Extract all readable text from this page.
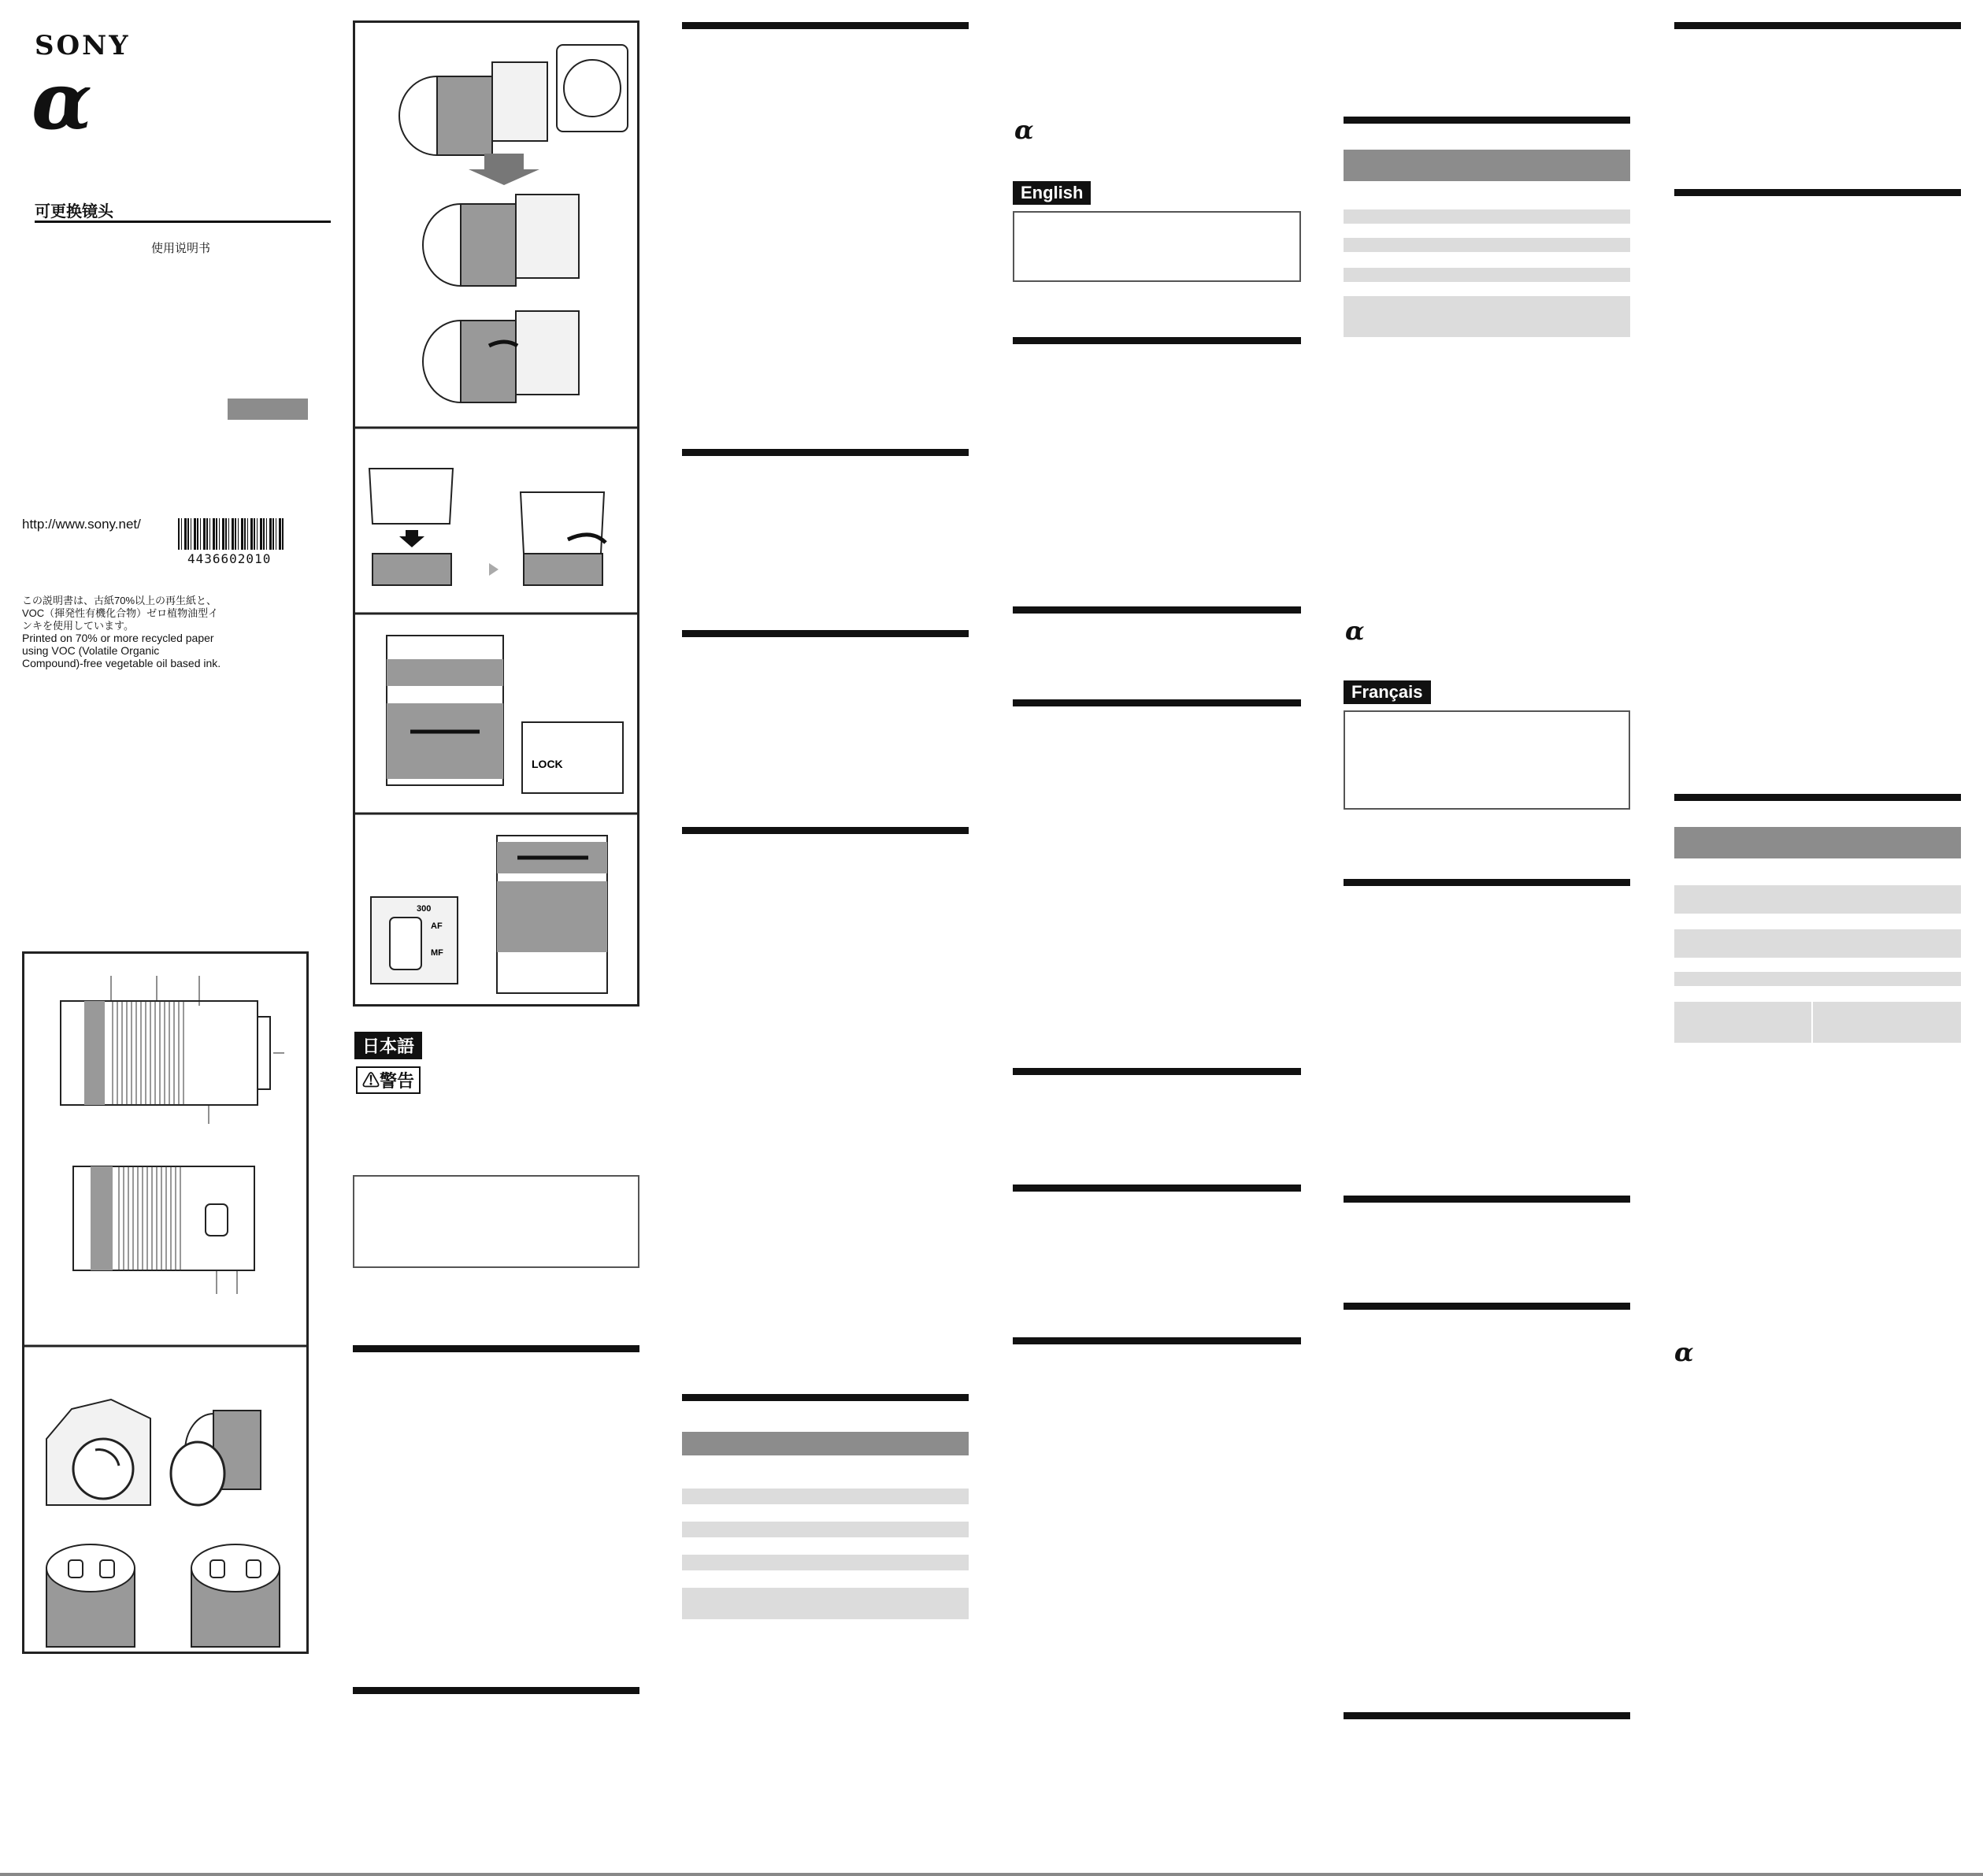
SONY
α
可更换镜头
使用说明书
http://www.sony.net/
4436602010
この説明書は、古紙70%以上の再生紙と、
VOC（揮発性有機化合物）ゼロ植物油型イ
ンキを使用しています。
Printed on 70% or more recycled paper
using VOC (Volatile Organic
Compound)-free vegetable oil based ink.
LOCK
300
AF
MF
日本語
⚠警告
α
English
α
Français
α
